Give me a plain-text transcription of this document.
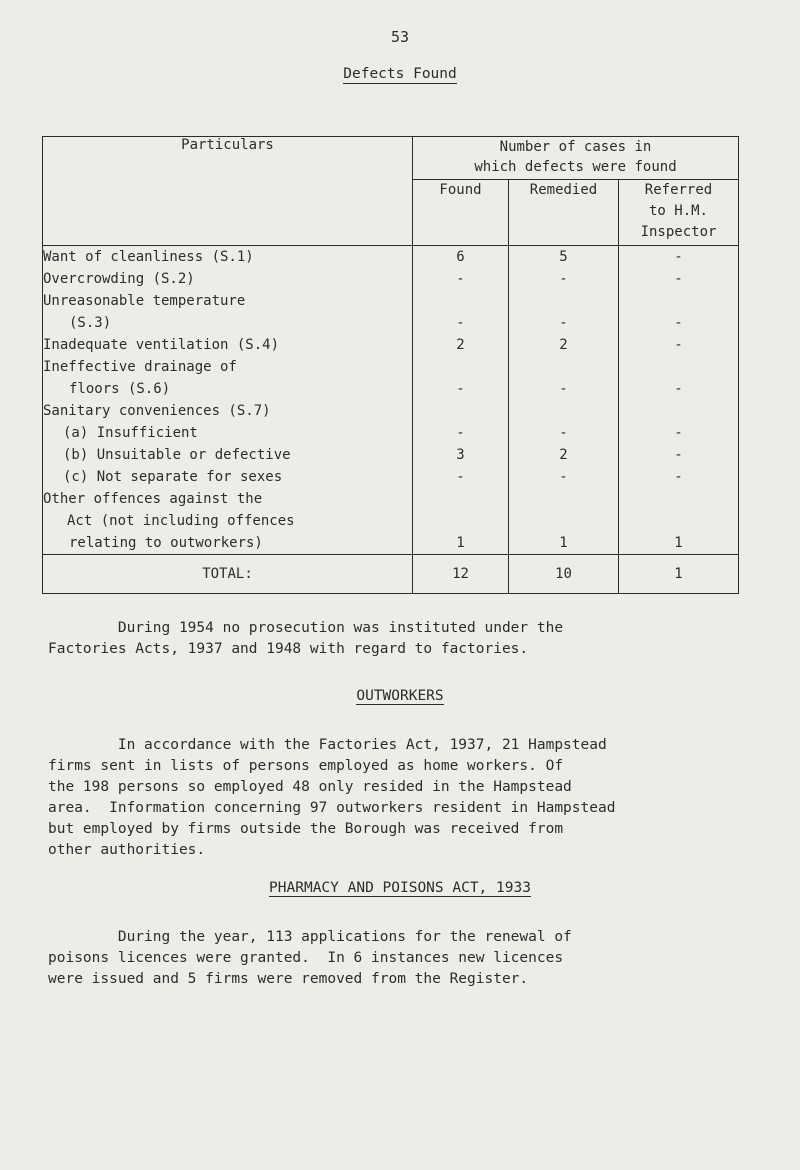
53
Defects Found
Particulars	Number of cases in
which defects were found		

	Found	Remedied	Referred
to H.M.
Inspector

Want of cleanliness (S.1)	6	5	-
Overcrowding (S.2)	-	-	-
Unreasonable temperature			
(S.3)	-	-	-
Inadequate ventilation (S.4)	2	2	-
Ineffective drainage of			
floors (S.6)	-	-	-
Sanitary conveniences (S.7)			
(a) Insufficient	-	-	-
(b) Unsuitable or defective	3	2	-
(c) Not separate for sexes	-	-	-
Other offences against the			
Act (not including offences			
relating to outworkers)	1	1	1
TOTAL:	12	10	1
During 1954 no prosecution was instituted under the
Factories Acts, 1937 and 1948 with regard to factories.
OUTWORKERS
In accordance with the Factories Act, 1937, 21 Hampstead
firms sent in lists of persons employed as home workers. Of
the 198 persons so employed 48 only resided in the Hampstead
area.  Information concerning 97 outworkers resident in Hampstead
but employed by firms outside the Borough was received from
other authorities.
PHARMACY AND POISONS ACT, 1933
During the year, 113 applications for the renewal of
poisons licences were granted.  In 6 instances new licences
were issued and 5 firms were removed from the Register.
